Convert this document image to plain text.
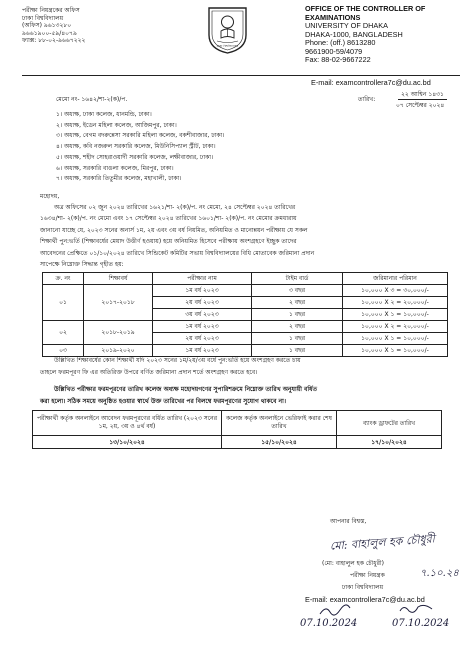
পরীক্ষা নিয়ন্ত্রকের অফিস
ঢাকা বিশ্ববিদ্যালয়
(অফিস) ৯৬১৩২৮০
৯৬৬১৯০০-৫৯/৪০৭৯
ফ্যাক্স: ৮৮-০২-৯৬৬৭২২২
ঢাকা বিশ্ববিদ্যালয়
OFFICE OF THE CONTROLLER OF
EXAMINATIONS
UNIVERSITY OF DHAKA
DHAKA-1000, BANGLADESH
Phone: (off.) 8613280
9661900-59/4079
Fax: 88-02-9667222
E-mail: examcontrollera7c@du.ac.bd
মেমো নং- ১৬৪২/শা-২(ক)/প.	তারিখ:
২২ আশ্বিন ১৪৩১
০৭ সেপ্টেম্বর ২০২৪
১। অধ্যক্ষ, ঢাকা কলেজ, ধানমন্ডি, ঢাকা।
২। অধ্যক্ষ, ইডেন মহিলা কলেজ, আজিমপুর, ঢাকা।
৩। অধ্যক্ষ, বেগম বদরুন্নেসা সরকারি মহিলা কলেজ, বকশীবাজার, ঢাকা।
৪। অধ্যক্ষ, কবি নজরুল সরকারি কলেজ, মিউনিসিপ্যাল স্ট্রীট, ঢাকা।
৫। অধ্যক্ষ, শহীদ সোহরাওয়ার্দী সরকারি কলেজ, লক্ষীবাজার, ঢাকা।
৬। অধ্যক্ষ, সরকারি বাঙলা কলেজ, মিরপুর, ঢাকা।
৭। অধ্যক্ষ, সরকারি তিতুমীর কলেজ, মহাখালী, ঢাকা।
মহোদয়,
অত্র অফিসের ০২ জুন ২০২৪ তারিখের ১৬২১/শা- ২(ক)/প. নং মেমো, ২৪ সেপ্টেম্বর ২০২৪ তারিখের
১৬৩৪/শা- ২(ক)/প. নং মেমো এবং ১৭ সেপ্টেম্বর ২০২৪ তারিখের ১৬০১/শা- ২(ক)/প. নং মেমোর ক্রমধারায়
জানানো যাচ্ছে যে, ২০২৩ সনের অনার্স ১ম, ২য় এবং ৩য় বর্ষ নিয়মিত, অনিয়মিত ও মানোন্নয়ন পরীক্ষায় যে সকল
শিক্ষার্থী পুন:ভর্তি (শিক্ষাবর্ষের মেয়াদ উত্তীর্ণ হওয়ায়) হয়ে অনিয়মিত হিসেবে পরীক্ষায় অংশগ্রহণে ইচ্ছুক তাদের
আবেদনের প্রেক্ষিতে ০১/১০/২০২৪ তারিখে সিন্ডিকেট কমিটির সভায় বিশ্ববিদ্যালয়ের বিধি মোতাবেক জরিমানা প্রদান
সাপেক্ষে নিম্নোক্ত সিদ্ধান্ত গৃহীত হয়:
ক্র. নং	শিক্ষাবর্ষ	পরীক্ষার নাম	টাইম বার্ড	জরিমানার পরিমান
০১	২০১৭-২০১৮	১ম বর্ষ ২০২৩	৩ বছর	১০,০০০ X ৩ = ৩০,০০০/-
		২য় বর্ষ ২০২৩	২ বছর	১০,০০০ X ২ = ২০,০০০/-
		৩য় বর্ষ ২০২৩	১ বছর	১০,০০০ X ১ = ১০,০০০/-
০২	২০১৮-২০১৯	১ম বর্ষ ২০২৩	২ বছর	১০,০০০ X ২ = ২০,০০০/-
		২য় বর্ষ ২০২৩	১ বছর	১০,০০০ X ১ = ১০,০০০/-
০৩	২০১৯-২০২০	১ম বর্ষ ২০২৩	১ বছর	১০,০০০ X ১ = ১০,০০০/-
উল্লিখিত শিক্ষাবর্ষের কোন শিক্ষার্থী যদি ২০২৩ সনের ১ম/২য়/৩য় বর্ষে পুন:ভর্তি হয়ে অংশগ্রহণ করতে চায়
তাহলে ফরমপূরণ ফি এর অতিরিক্ত উপরে বর্ণিত জরিমানা প্রদান শর্তে অংশগ্রহণ করতে হবে।
উল্লিখিত পরীক্ষার ফরমপূরণের তারিখ কলেজ অধ্যক্ষ মহোদয়গণের সুপারিশক্রমে নিম্নোক্ত তারিখ অনুযায়ী বর্ধিত
করা হলো। সঠিক সময়ে অনুষ্ঠিত হওয়ার স্বার্থে উক্ত তারিখের পর বিলম্বে ফরমপূরণের সুযোগ থাকবে না।
পরীক্ষার্থী কর্তৃক অনলাইনে আবেদন ফরমপূরণের বর্ধিত তারিখ (২০২৩ সনের ১ম, ২য়, ৩য় ও ৪র্থ বর্ষ)	কলেজ কর্তৃক অনলাইনে ভেরিফাই করার শেষ তারিখ	ব্যাংক ড্রাফটের তারিখ
১৩/১০/২০২৪	১৫/১০/২০২৪	১৭/১০/২০২৪
আপনার বিশ্বস্ত,
মো: বাহালুল হক চৌধুরী
৭.১০.২৪
(মো: বাহালুল হক চৌধুরী)
পরীক্ষা নিয়ন্ত্রক
ঢাকা বিশ্ববিদ্যালয়
E-mail: examcontrollera7c@du.ac.bd
07.10.2024	07.10.2024
